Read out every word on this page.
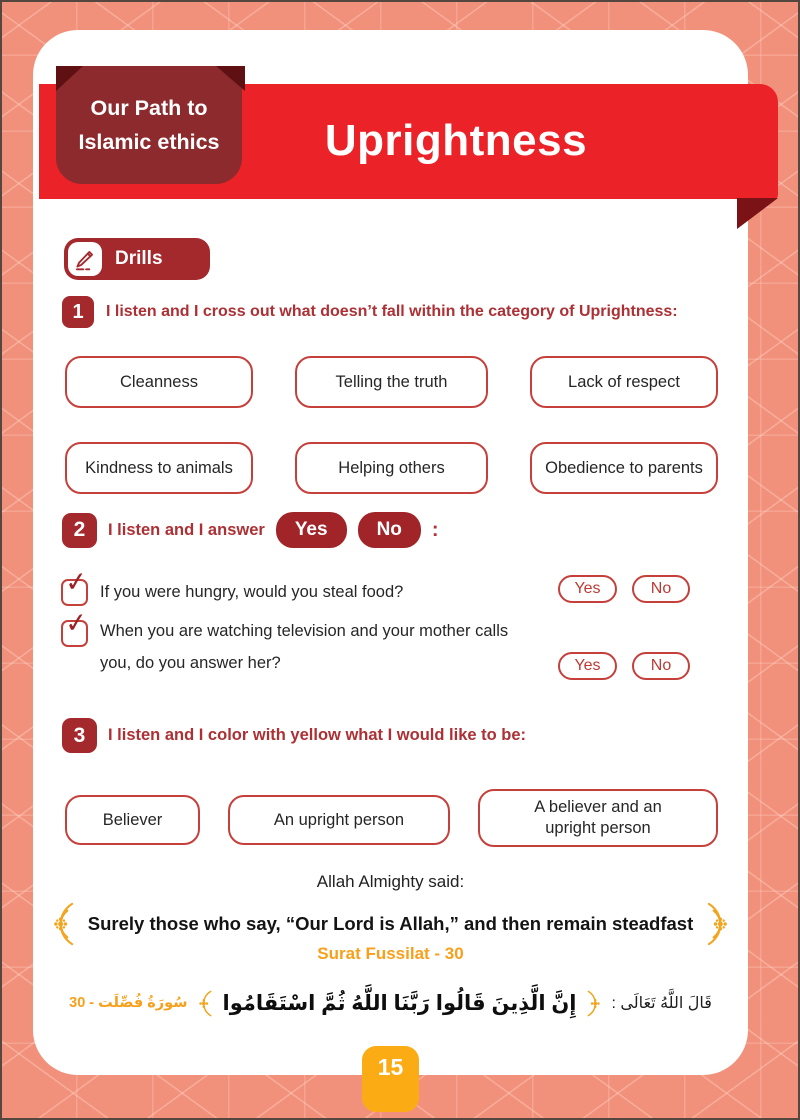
Uprightness
Our Path to
Islamic ethics
Drills
1	I listen and I cross out what doesn’t fall within the category of Uprightness:
Cleanness	Telling the truth	Lack of respect
Kindness to animals	Helping others	Obedience to parents
2	I listen and I answer	Yes	No	:
✓ If you were hungry, would you steal food?	Yes	No
✓ When you are watching television and your mother calls
you, do you answer her?	Yes	No
3	I listen and I color with yellow what I would like to be:
Believer	An upright person
A believer and an upright person
Allah Almighty said:
Surely those who say, “Our Lord is Allah,” and then remain steadfast
Surat Fussilat - 30
قَالَ اللَّهُ تَعَالَى :
إِنَّ الَّذِينَ قَالُوا رَبَّنَا اللَّهُ ثُمَّ اسْتَقَامُوا
سُورَةُ فُصِّلَت - 30
15
